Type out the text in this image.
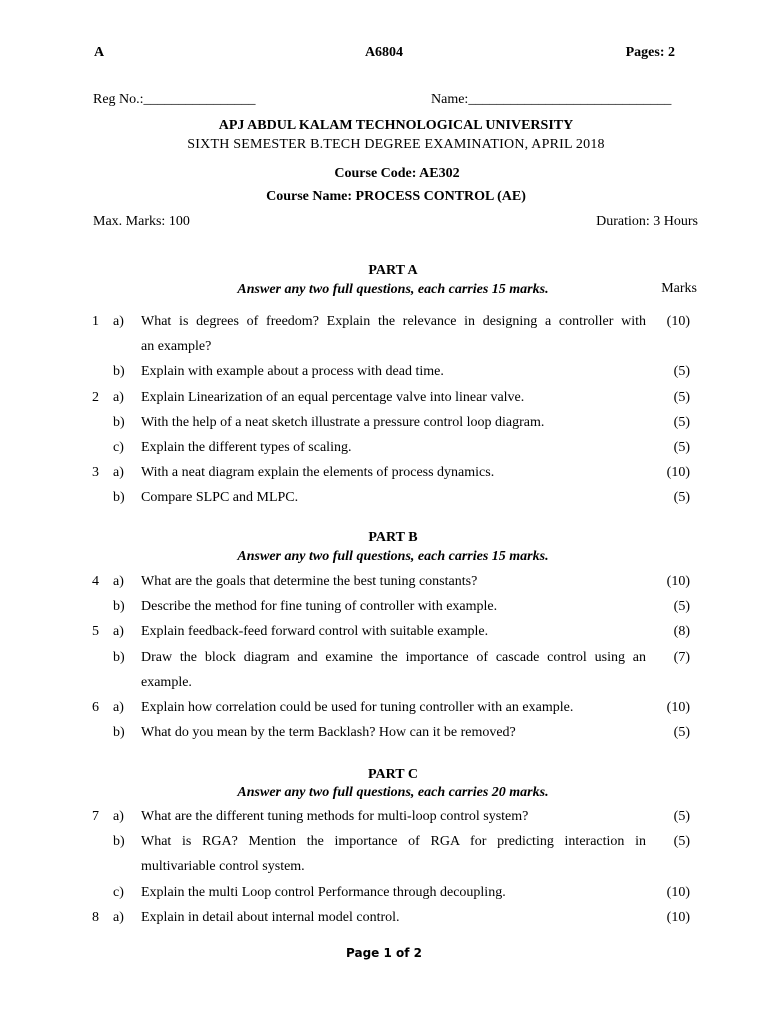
A	A6804	Pages: 2
Reg No.:________________	Name:_____________________________
APJ ABDUL KALAM TECHNOLOGICAL UNIVERSITY
SIXTH SEMESTER B.TECH DEGREE EXAMINATION, APRIL 2018
Course Code: AE302
Course Name: PROCESS CONTROL (AE)
Max. Marks: 100	Duration: 3 Hours
PART A
Answer any two full questions, each carries 15 marks.	Marks
1 a) What is degrees of freedom? Explain the relevance in designing a controller with (10)
an example?
b) Explain with example about a process with dead time.	(5)
2 a) Explain Linearization of an equal percentage valve into linear valve.	(5)
b) With the help of a neat sketch illustrate a pressure control loop diagram.	(5)
c) Explain the different types of scaling.	(5)
3 a) With a neat diagram explain the elements of process dynamics.	(10)
b) Compare SLPC and MLPC.	(5)
PART B
Answer any two full questions, each carries 15 marks.
4 a) What are the goals that determine the best tuning constants?	(10)
b) Describe the method for fine tuning of controller with example.	(5)
5 a) Explain feedback-feed forward control with suitable example.	(8)
b) Draw the block diagram and examine the importance of cascade control using an (7)
example.
6 a) Explain how correlation could be used for tuning controller with an example.	(10)
b) What do you mean by the term Backlash? How can it be removed?	(5)
PART C
Answer any two full questions, each carries 20 marks.
7 a) What are the different tuning methods for multi-loop control system?	(5)
b) What is RGA? Mention the importance of RGA for predicting interaction in (5)
multivariable control system.
c) Explain the multi Loop control Performance through decoupling.	(10)
8 a) Explain in detail about internal model control.	(10)
Page 1 of 2
